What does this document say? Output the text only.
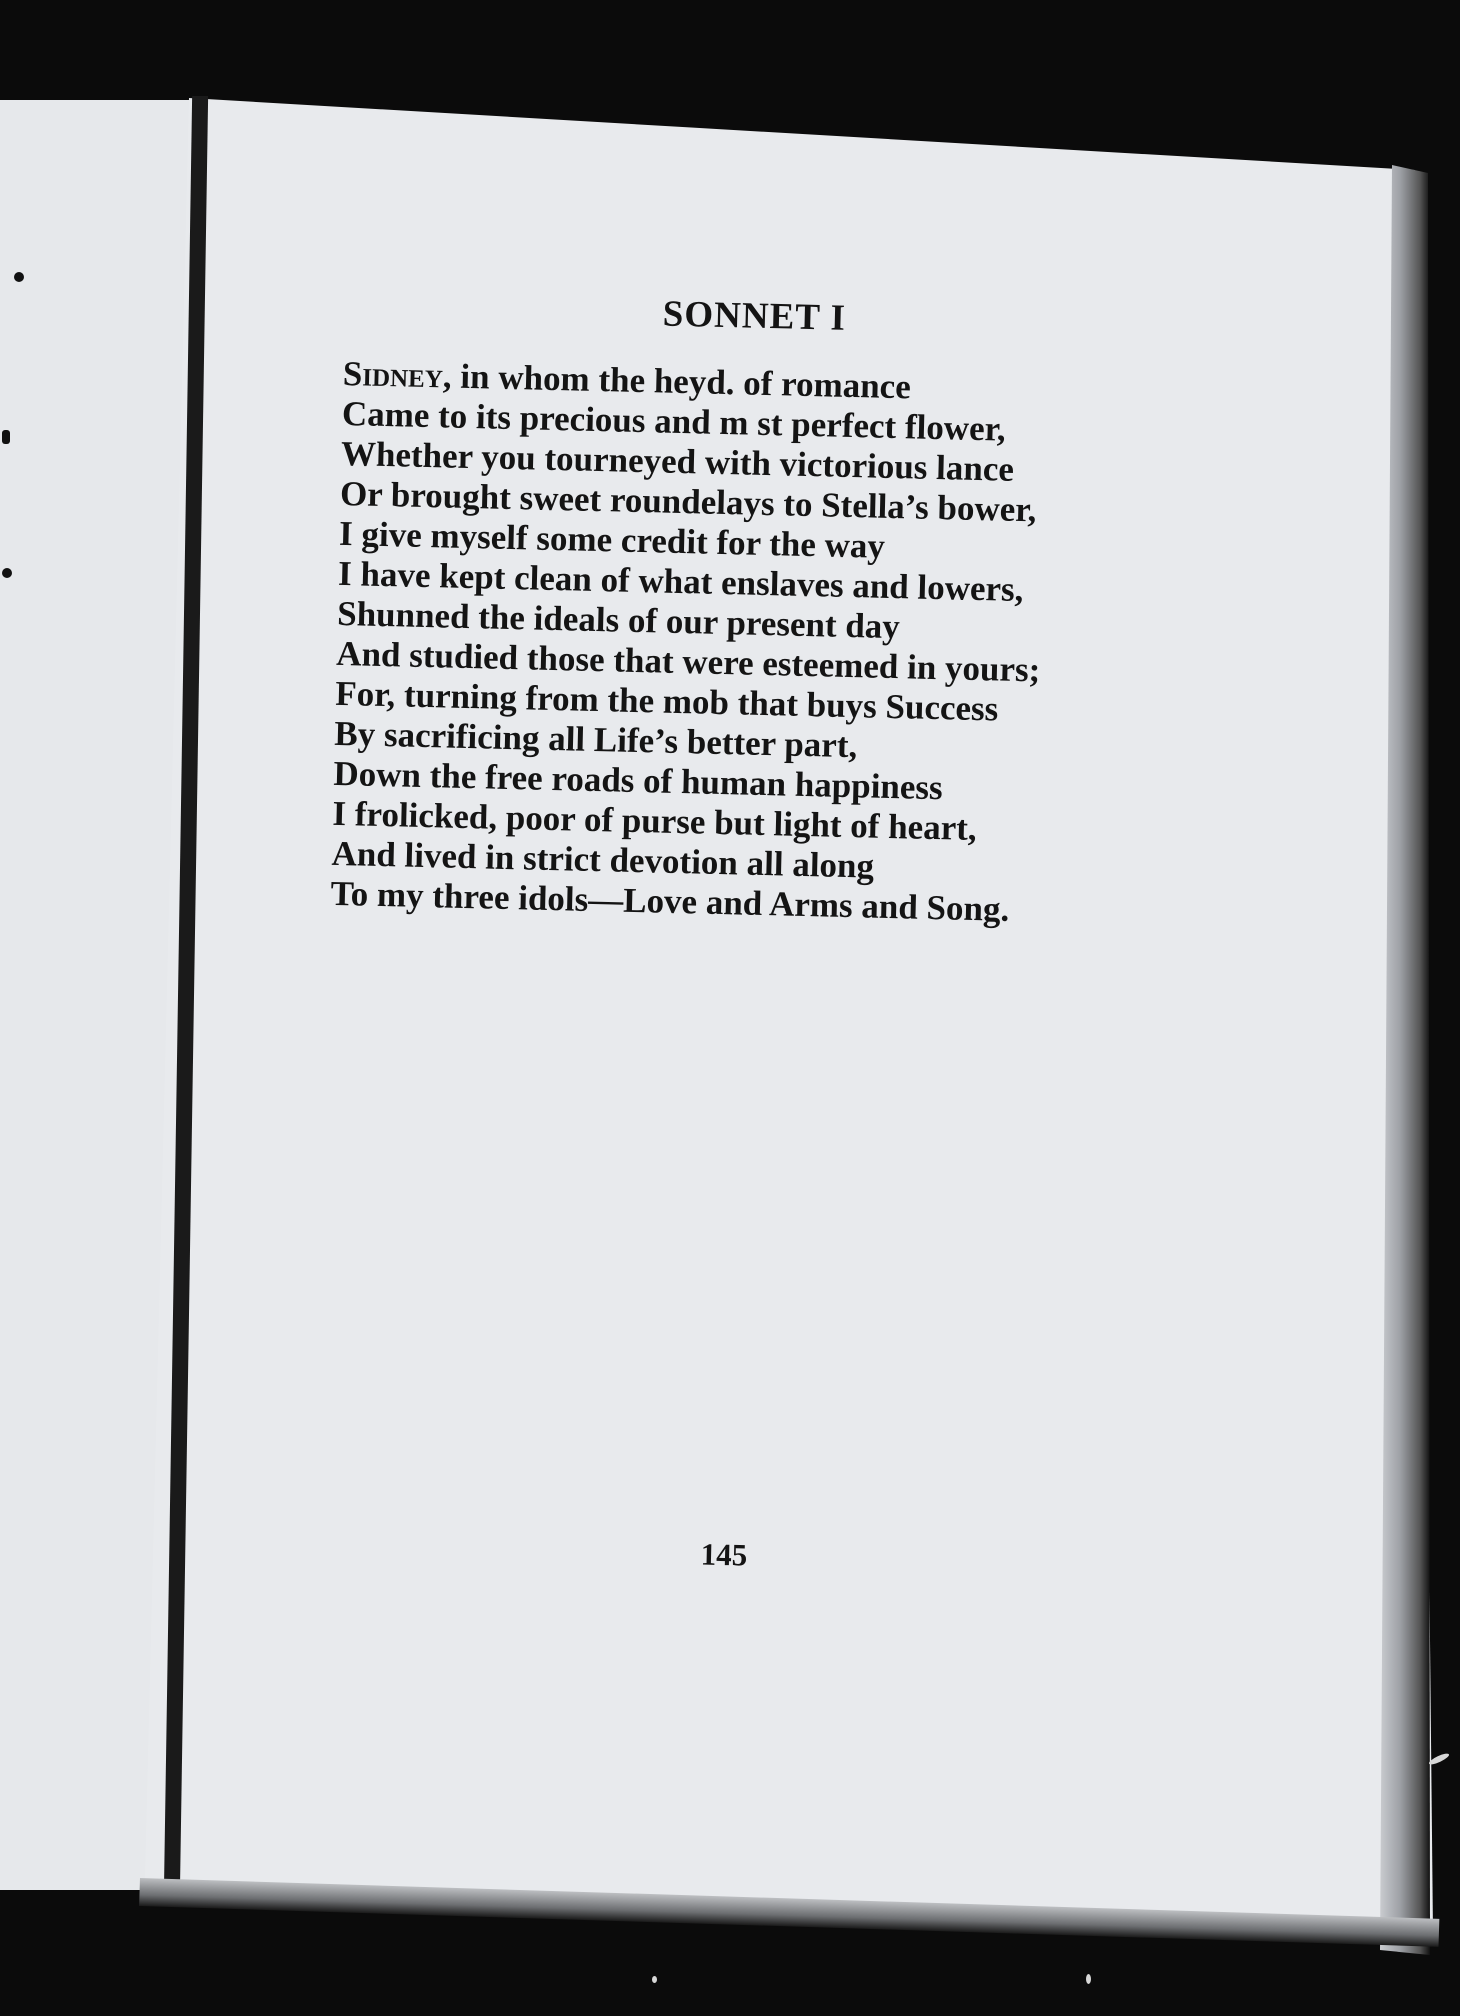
SONNET I
Sidney, in whom the heyd. of romance
Came to its precious and m st perfect flower,
Whether you tourneyed with victorious lance
Or brought sweet roundelays to Stella’s bower,
I give myself some credit for the way
I have kept clean of what enslaves and lowers,
Shunned the ideals of our present day
And studied those that were esteemed in yours;
For, turning from the mob that buys Success
By sacrificing all Life’s better part,
Down the free roads of human happiness
I frolicked, poor of purse but light of heart,
And lived in strict devotion all along
To my three idols—Love and Arms and Song.
145
